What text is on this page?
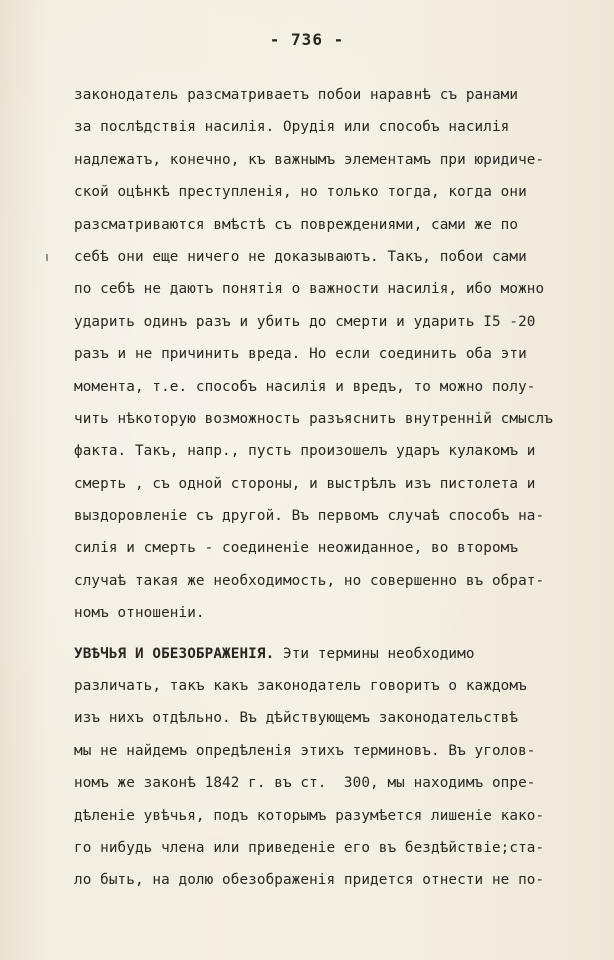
- 736 -
законодатель разсматриваетъ побои наравнѣ съ ранами
за послѣдствія насилія. Орудія или способъ насилія
надлежатъ, конечно, къ важнымъ элементамъ при юридиче-
ской оцѣнкѣ преступленія, но только тогда, когда они
разсматриваются вмѣстѣ съ повреждениями, сами же по
себѣ они еще ничего не доказываютъ. Такъ, побои сами
по себѣ не даютъ понятія о важности насилія, ибо можно
ударить одинъ разъ и убить до смерти и ударить I5 -20
разъ и не причинить вреда. Но если соединить оба эти
момента, т.е. способъ насилія и вредъ, то можно полу-
чить нѣкоторую возможность разъяснить внутренній смыслъ
факта. Такъ, напр., пусть произошелъ ударъ кулакомъ и
смерть , съ одной стороны, и выстрѣлъ изъ пистолета и
выздоровленіе съ другой. Въ первомъ случаѣ способъ на-
силія и смерть - соединеніе неожиданное, во второмъ
случаѣ такая же необходимость, но совершенно въ обрат-
номъ отношеніи.
УВѢЧЬЯ И ОБЕЗОБРАЖЕНІЯ. Эти термины необходимо
различать, такъ какъ законодатель говоритъ о каждомъ
изъ нихъ отдѣльно. Въ дѣйствующемъ законодательствѣ
мы не найдемъ опредѣленія этихъ терминовъ. Въ уголов-
номъ же законѣ 1842 г. въ ст.  300, мы находимъ опре-
дѣленіе увѣчья, подъ которымъ разумѣется лишеніе како-
го нибудь члена или приведеніе его въ бездѣйствіе;ста-
ло быть, на долю обезображенія придется отнести не по-
